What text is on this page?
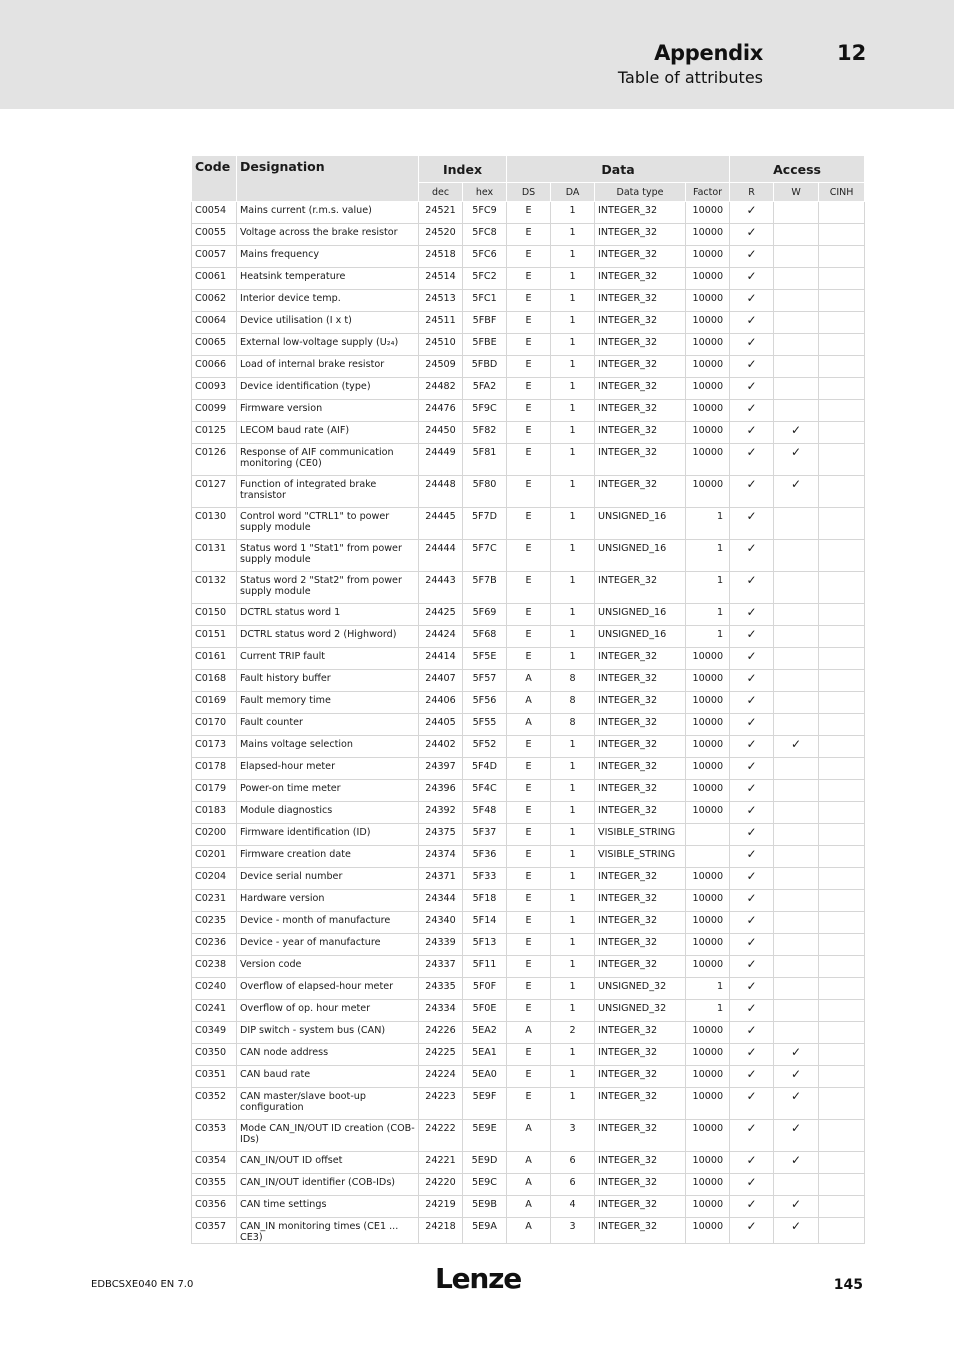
Appendix	12
Table of attributes
Code	Designation	Index		Data				Access		
		dec	hex	DS	DA	Data type	Factor	R	W	CINH
C0054	Mains current (r.m.s. value)	24521	5FC9	E	1	INTEGER_32	10000	✓		
C0055	Voltage across the brake resistor	24520	5FC8	E	1	INTEGER_32	10000	✓		
C0057	Mains frequency	24518	5FC6	E	1	INTEGER_32	10000	✓		
C0061	Heatsink temperature	24514	5FC2	E	1	INTEGER_32	10000	✓		
C0062	Interior device temp.	24513	5FC1	E	1	INTEGER_32	10000	✓		
C0064	Device utilisation (I x t)	24511	5FBF	E	1	INTEGER_32	10000	✓		
C0065	External low-voltage supply (U₂₄)	24510	5FBE	E	1	INTEGER_32	10000	✓		
C0066	Load of internal brake resistor	24509	5FBD	E	1	INTEGER_32	10000	✓		
C0093	Device identification (type)	24482	5FA2	E	1	INTEGER_32	10000	✓		
C0099	Firmware version	24476	5F9C	E	1	INTEGER_32	10000	✓		
C0125	LECOM baud rate (AIF)	24450	5F82	E	1	INTEGER_32	10000	✓	✓	
C0126	Response of AIF communication monitoring (CE0)	24449	5F81	E	1	INTEGER_32	10000	✓	✓	
C0127	Function of integrated brake transistor	24448	5F80	E	1	INTEGER_32	10000	✓	✓	
C0130	Control word "CTRL1" to power supply module	24445	5F7D	E	1	UNSIGNED_16	1	✓		
C0131	Status word 1 "Stat1" from power supply module	24444	5F7C	E	1	UNSIGNED_16	1	✓		
C0132	Status word 2 "Stat2" from power supply module	24443	5F7B	E	1	INTEGER_32	1	✓		
C0150	DCTRL status word 1	24425	5F69	E	1	UNSIGNED_16	1	✓		
C0151	DCTRL status word 2 (Highword)	24424	5F68	E	1	UNSIGNED_16	1	✓		
C0161	Current TRIP fault	24414	5F5E	E	1	INTEGER_32	10000	✓		
C0168	Fault history buffer	24407	5F57	A	8	INTEGER_32	10000	✓		
C0169	Fault memory time	24406	5F56	A	8	INTEGER_32	10000	✓		
C0170	Fault counter	24405	5F55	A	8	INTEGER_32	10000	✓		
C0173	Mains voltage selection	24402	5F52	E	1	INTEGER_32	10000	✓	✓	
C0178	Elapsed-hour meter	24397	5F4D	E	1	INTEGER_32	10000	✓		
C0179	Power-on time meter	24396	5F4C	E	1	INTEGER_32	10000	✓		
C0183	Module diagnostics	24392	5F48	E	1	INTEGER_32	10000	✓		
C0200	Firmware identification (ID)	24375	5F37	E	1	VISIBLE_STRING		✓		
C0201	Firmware creation date	24374	5F36	E	1	VISIBLE_STRING		✓		
C0204	Device serial number	24371	5F33	E	1	INTEGER_32	10000	✓		
C0231	Hardware version	24344	5F18	E	1	INTEGER_32	10000	✓		
C0235	Device - month of manufacture	24340	5F14	E	1	INTEGER_32	10000	✓		
C0236	Device - year of manufacture	24339	5F13	E	1	INTEGER_32	10000	✓		
C0238	Version code	24337	5F11	E	1	INTEGER_32	10000	✓		
C0240	Overflow of elapsed-hour meter	24335	5F0F	E	1	UNSIGNED_32	1	✓		
C0241	Overflow of op. hour meter	24334	5F0E	E	1	UNSIGNED_32	1	✓		
C0349	DIP switch - system bus (CAN)	24226	5EA2	A	2	INTEGER_32	10000	✓		
C0350	CAN node address	24225	5EA1	E	1	INTEGER_32	10000	✓	✓	
C0351	CAN baud rate	24224	5EA0	E	1	INTEGER_32	10000	✓	✓	
C0352	CAN master/slave boot-up configuration	24223	5E9F	E	1	INTEGER_32	10000	✓	✓	
C0353	Mode CAN_IN/OUT ID creation (COB-IDs)	24222	5E9E	A	3	INTEGER_32	10000	✓	✓	
C0354	CAN_IN/OUT ID offset	24221	5E9D	A	6	INTEGER_32	10000	✓	✓	
C0355	CAN_IN/OUT identifier (COB-IDs)	24220	5E9C	A	6	INTEGER_32	10000	✓		
C0356	CAN time settings	24219	5E9B	A	4	INTEGER_32	10000	✓	✓	
C0357	CAN_IN monitoring times (CE1 ... CE3)	24218	5E9A	A	3	INTEGER_32	10000	✓	✓	
EDBCSXE040 EN 7.0	Lenze	145
